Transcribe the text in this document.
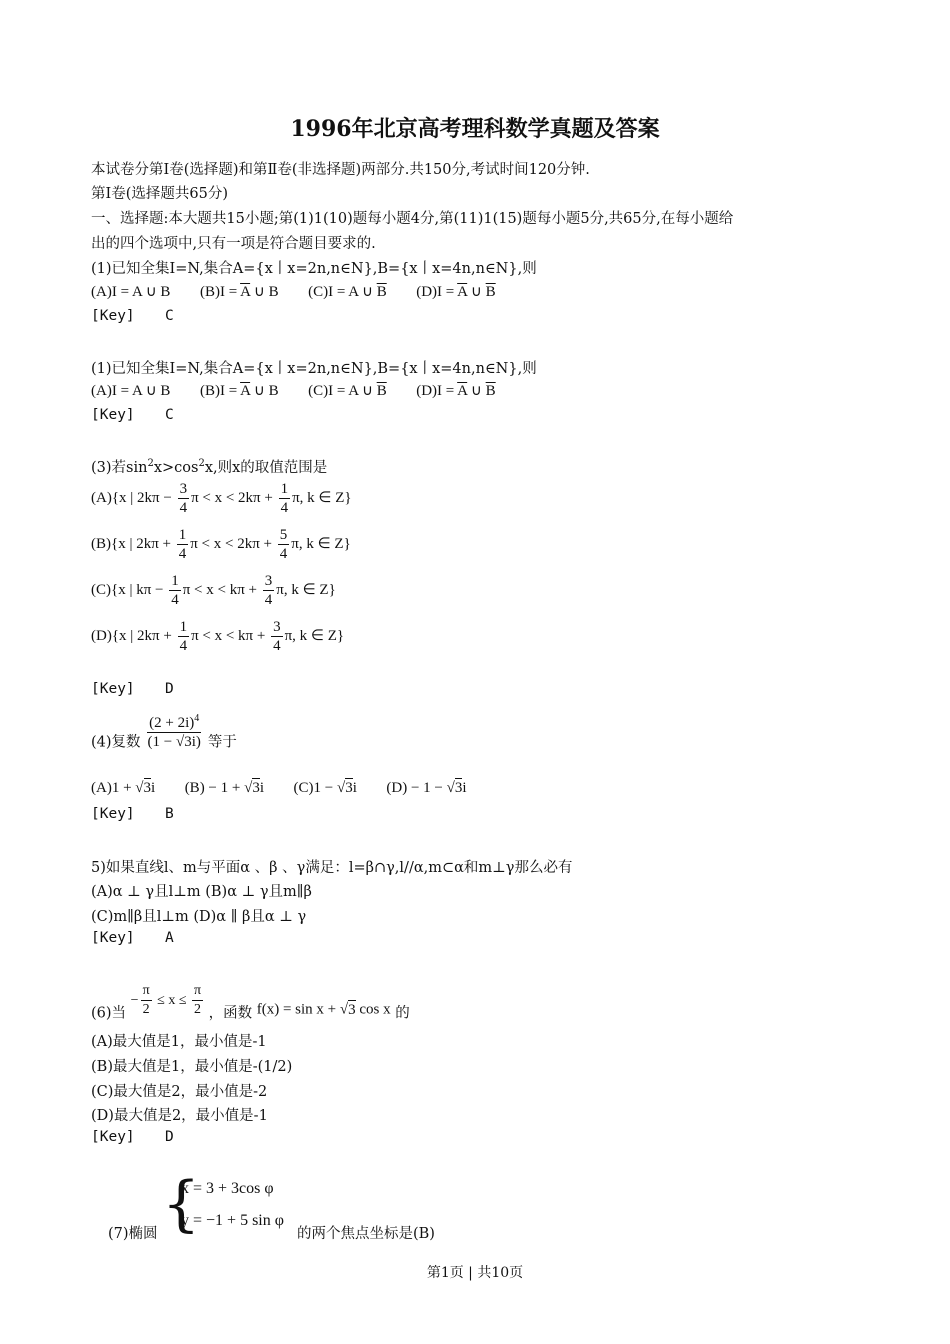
1996年北京高考理科数学真题及答案
本试卷分第Ⅰ卷(选择题)和第Ⅱ卷(非选择题)两部分.共150分,考试时间120分钟.
第Ⅰ卷(选择题共65分)
一、选择题:本大题共15小题;第(1)1(10)题每小题4分,第(11)1(15)题每小题5分,共65分,在每小题给
出的四个选项中,只有一项是符合题目要求的.
(1)已知全集I=N,集合A={x丨x=2n,n∈N},B={x丨x=4n,n∈N},则
(A)I = A ∪ B $(B)I = \overline{A}$ ∪ B (C)I = A ∪ $\overline{B}$ $(D)I = \overline{A}$ ∪ $\overline{B}$
[Key] C
(1)已知全集I=N,集合A={x丨x=2n,n∈N},B={x丨x=4n,n∈N},则
(A)I = A ∪ B $(B)I = \overline{A}$ ∪ B (C)I = A ∪ $\overline{B}$ $(D)I = \overline{A}$ ∪ $\overline{B}$
[Key] C
(3)若$\sin^2x>\cos^2x$,则x的取值范围是
(A){x | $2k\pi - \frac{3}{4}$ $\pi < x < 2k\pi + \frac{1}{4} \pi$, k ∈ Z}
(B){x | $2k\pi + \frac{1}{4}$ $\pi < x < 2k\pi + \frac{5}{4} \pi$, k ∈ Z}
(C){x | $k\pi - \frac{1}{4}$ $\pi < x < k\pi + \frac{3}{4} \pi$, k ∈ Z}
(D){x | $2k\pi + \frac{1}{4}$ $\pi < x < k\pi + \frac{3}{4} \pi$, k ∈ Z}
[Key] D
(4)复数 $\frac{(2 + 2i)^4}{(1 - √3i)}$ 等于
(A)1 + √3i (B) − 1 + √3i (C)1 − √3i (D) − 1 − √3i
[Key] B
5)如果直线l、m与平面α 、β 、γ满足：l=β∩γ,l//α,m⊂α和m⊥γ那么必有
(A)α ⊥ γ且l⊥m (B)α ⊥ γ且m∥β
(C)m∥β且l⊥m (D)α ∥ β且α ⊥ γ
[Key] A
(6)当 − $\frac{\pi}{2} \le x \le \frac{\pi}{2}$ ，函数 f(x) = sin x + √3 cos x 的
(A)最大值是1，最小值是-1
(B)最大值是1，最小值是-(1/2)
(C)最大值是2，最小值是-2
(D)最大值是2，最小值是-1
[Key] D
(7)椭圆 {
x = 3 + 3cos φ
y = −1 + 5 sin φ
的两个焦点坐标是(B)
第1页 | 共10页
